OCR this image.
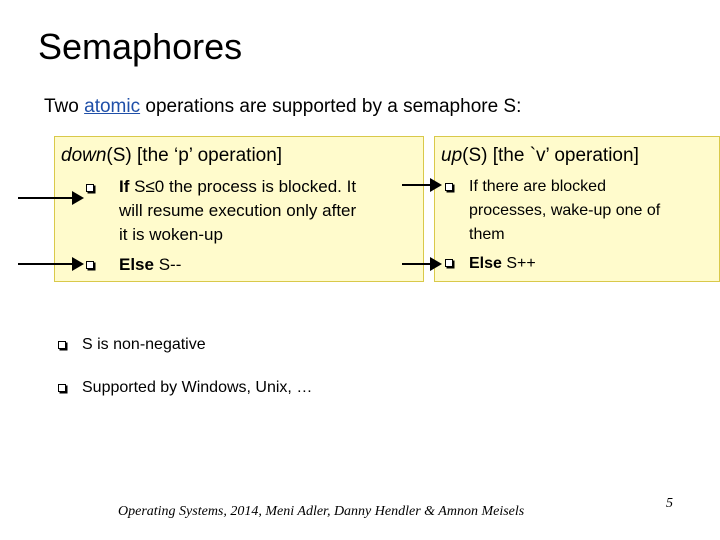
Semaphores
Two atomic operations are supported by a semaphore S:
down(S) [the ‘p’ operation]
If S≤0 the process is blocked. It
will resume execution only after
it is woken-up
Else S--
up(S) [the `v’ operation]
If there are blocked
processes, wake-up one of
them
Else S++
S is non-negative
Supported by Windows, Unix, …
Operating Systems, 2014, Meni Adler, Danny Hendler & Amnon Meisels
5
